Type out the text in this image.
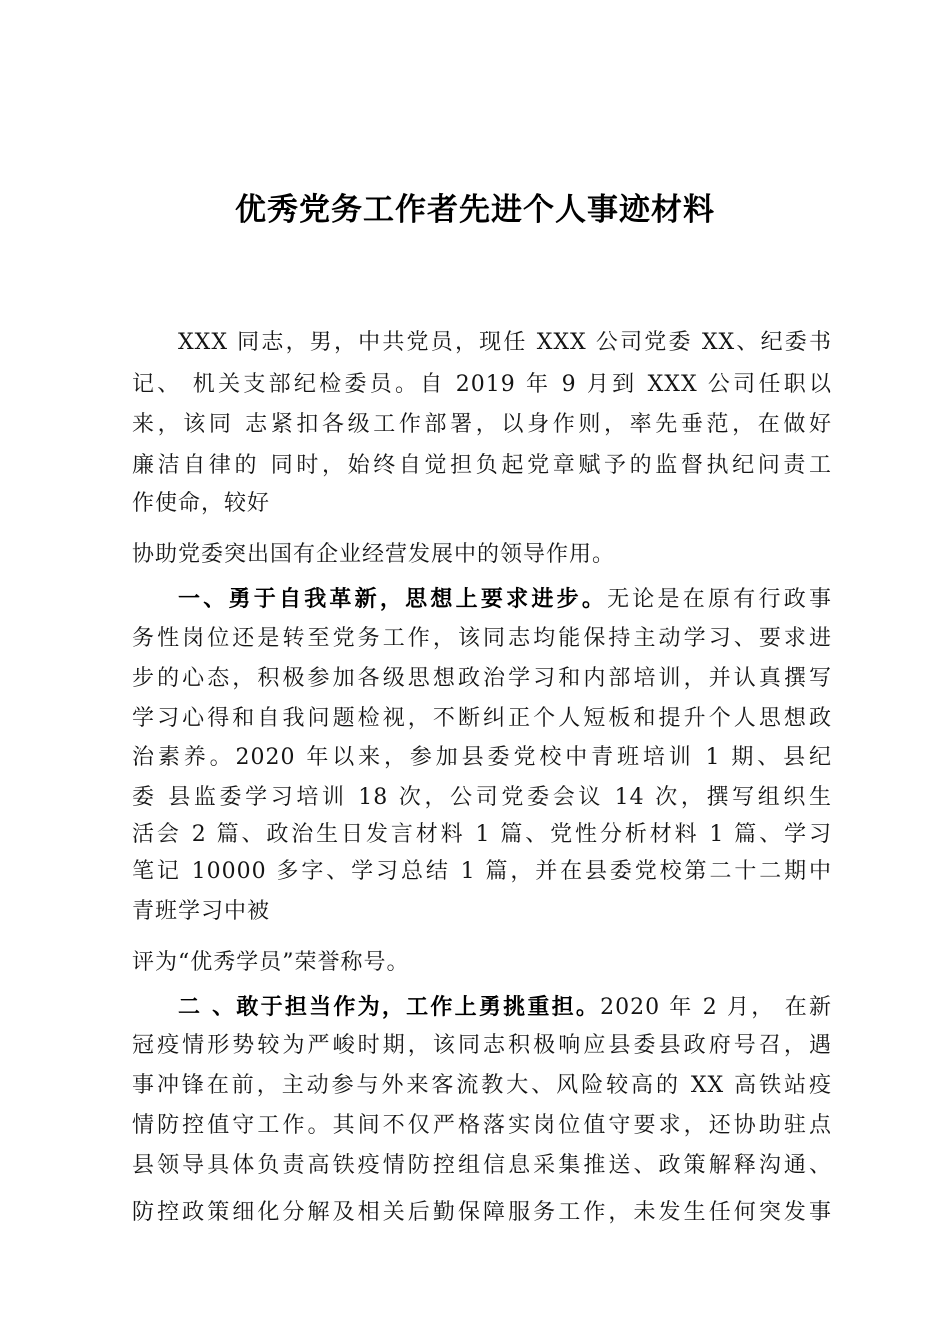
优秀党务工作者先进个人事迹材料
XXX 同志，男，中共党员，现任 XXX 公司党委 XX、纪委书
记、 机关支部纪检委员。自 2019 年 9 月到 XXX 公司任职以
来，该同 志紧扣各级工作部署，以身作则，率先垂范，在做好
廉洁自律的 同时，始终自觉担负起党章赋予的监督执纪问责工
作使命，较好
协助党委突出国有企业经营发展中的领导作用。
一、勇于自我革新，思想上要求进步。无论是在原有行政事
务性岗位还是转至党务工作，该同志均能保持主动学习、要求进
步的心态，积极参加各级思想政治学习和内部培训，并认真撰写
学习心得和自我问题检视，不断纠正个人短板和提升个人思想政
治素养。2020 年以来，参加县委党校中青班培训 1 期、县纪
委 县监委学习培训 18 次，公司党委会议 14 次，撰写组织生
活会 2 篇、政治生日发言材料 1 篇、党性分析材料 1 篇、学习
笔记 10000 多字、学习总结 1 篇，并在县委党校第二十二期中
青班学习中被
评为“优秀学员”荣誉称号。
二 、敢于担当作为，工作上勇挑重担。2020 年 2 月， 在新
冠疫情形势较为严峻时期，该同志积极响应县委县政府号召，遇
事冲锋在前，主动参与外来客流教大、风险较高的 XX 高铁站疫
情防控值守工作。其间不仅严格落实岗位值守要求，还协助驻点
县领导具体负责高铁疫情防控组信息采集推送、政策解释沟通、
防控政策细化分解及相关后勤保障服务工作，未发生任何突发事
